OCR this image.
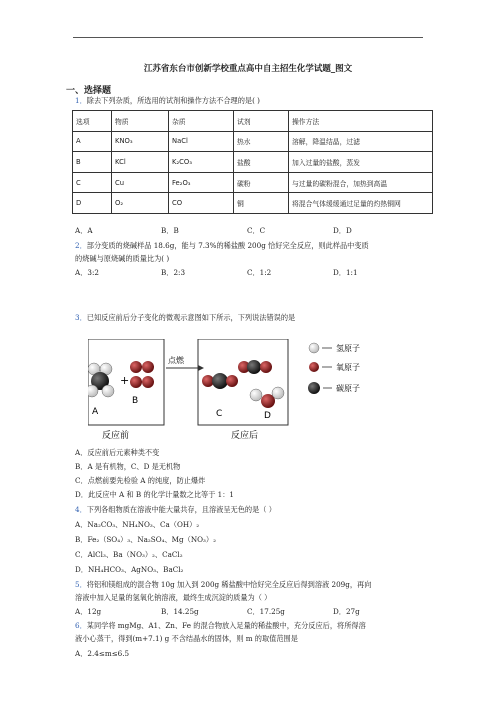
江苏省东台市创新学校重点高中自主招生化学试题_图文
一、选择题
1．除去下列杂质，所选用的试剂和操作方法不合理的是( )
选项	物质	杂质	试剂	操作方法
A	KNO₃	NaCl	热水	溶解，降温结晶，过滤
B	KCl	K₂CO₃	盐酸	加入过量的盐酸，蒸发
C	Cu	Fe₂O₃	碳粉	与过量的碳粉混合，加热到高温
D	O₂	CO	铜	将混合气体缓缓通过足量的灼热铜网
A．A	B．B	C．C	D．D
2．部分变质的烧碱样品 18.6g，能与 7.3%的稀盐酸 200g 恰好完全反应，则此样品中变质
的烧碱与原烧碱的质量比为( )
A．3:2	B．2:3	C．1:2	D．1:1
3．已知反应前后分子变化的微观示意图如下所示，下列说法错误的是
+
A
B
反应前
点燃
C	D
反应后
氢原子
氧原子
碳原子
A．反应前后元素种类不变
B．A 是有机物，C、D 是无机物
C．点燃前要先检验 A 的纯度，防止爆炸
D．此反应中 A 和 B 的化学计量数之比等于 1：1
4．下列各组物质在溶液中能大量共存，且溶液呈无色的是（ ）
A．Na₂CO₃、NH₄NO₃、Ca（OH）₂
B．Fe₂（SO₄）₃、Na₂SO₄、Mg（NO₃）₂
C．AlCl₃、Ba（NO₃）₂、CaCl₂
D．NH₄HCO₃、AgNO₃、BaCl₂
5．将铝和镁组成的混合物 10g 加入到 200g 稀盐酸中恰好完全反应后得到溶液 209g，再向
溶液中加入足量的氢氧化钠溶液，最终生成沉淀的质量为（ ）
A．12g	B．14.25g	C．17.25g	D．27g
6．某同学将 mgMg、A1、Zn、Fe 的混合物放入足量的稀盐酸中，充分反应后，将所得溶
液小心蒸干，得到(m+7.1) g 不含结晶水的固体，则 m 的取值范围是
A．2.4≤m≤6.5
